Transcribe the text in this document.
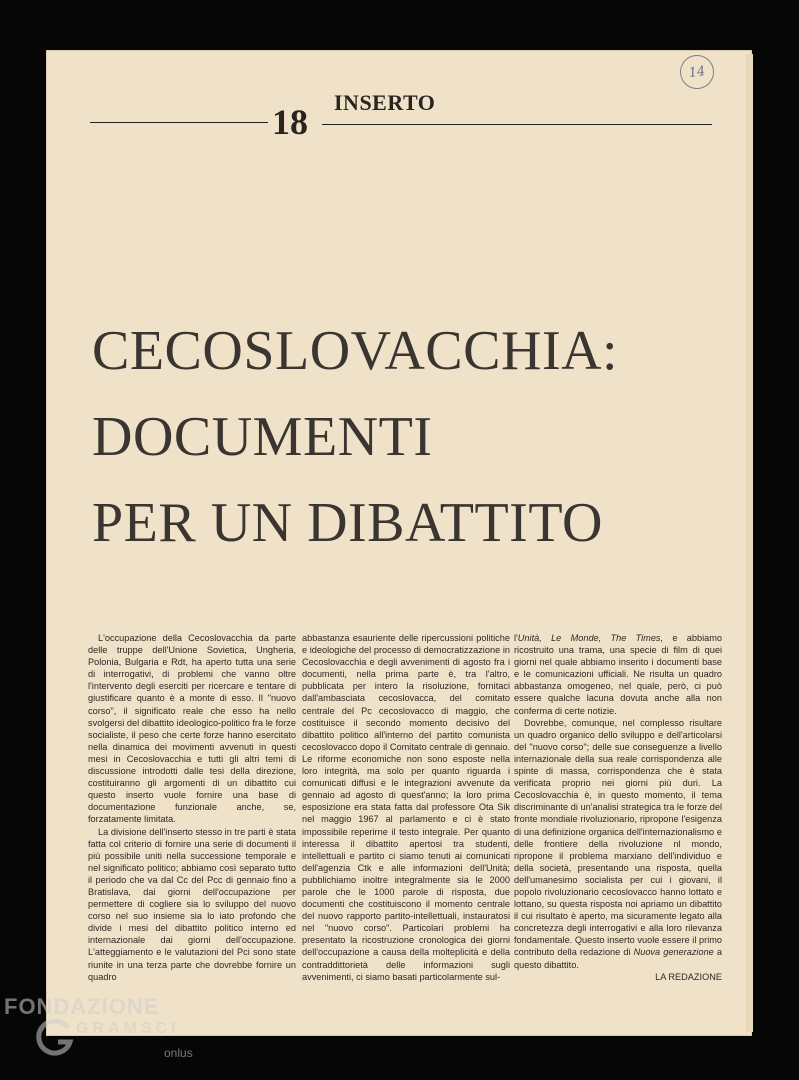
14
18 INSERTO
CECOSLOVACCHIA:
DOCUMENTI
PER UN DIBATTITO

L'occupazione della Cecoslovacchia da parte delle truppe dell'Unione Sovietica, Ungheria, Polonia, Bulgaria e Rdt, ha aperto tutta una serie di interrogativi, di problemi che vanno oltre l'intervento degli eserciti per ricercare e tentare di giustificare quanto è a monte di esso. Il "nuovo corso", il significato reale che esso ha nello svolgersi del dibattito ideologico-politico fra le forze socialiste, il peso che certe forze hanno esercitato nella dinamica dei movimenti avvenuti in questi mesi in Cecoslovacchia e tutti gli altri temi di discussione introdotti dalle tesi della direzione, costituiranno gli argomenti di un dibattito cui questo inserto vuole fornire una base di documentazione funzionale anche, se, forzatamente limitata.

La divisione dell'inserto stesso in tre parti è stata fatta col criterio di fornire una serie di documenti il più possibile uniti nella successione temporale e nel significato politico; abbiamo così separato tutto il periodo che va dal Cc del Pcc di gennaio fino a Bratislava, dai giorni dell'occupazione per permettere di cogliere sia lo sviluppo del nuovo corso nel suo insieme sia lo iato profondo che divide i mesi del dibattito politico interno ed internazionale dai giorni dell'occupazione. L'atteggiamento e le valutazioni del Pci sono state riunite in una terza parte che dovrebbe fornire un quadro

abbastanza esauriente delle ripercussioni politiche e ideologiche del processo di democratizzazione in Cecoslovacchia e degli avvenimenti di agosto fra i documenti, nella prima parte è, tra l'altro, pubblicata per intero la risoluzione, fornitaci dall'ambasciata cecoslovacca, del comitato centrale del Pc cecoslovacco di maggio, che costituisce il secondo momento decisivo del dibattito politico all'interno del partito comunista cecoslovacco dopo il Comitato centrale di gennaio. Le riforme economiche non sono esposte nella loro integrità, ma solo per quanto riguarda i comunicati diffusi e le integrazioni avvenute da gennaio ad agosto di quest'anno; la loro prima esposizione era stata fatta dal professore Ota Sik nel maggio 1967 al parlamento e ci è stato impossibile reperirne il testo integrale. Per quanto interessa il dibattito apertosi tra studenti, intellettuali e partito ci siamo tenuti ai comunicati dell'agenzia Ctk e alle informazioni dell'Unità; pubblichiamo inoltre integralmente sia le 2000 parole che le 1000 parole di risposta, due documenti che costituiscono il momento centrale del nuovo rapporto partito-intellettuali, instauratosi nel "nuovo corso". Particolari problemi ha presentato la ricostruzione cronologica dei giorni dell'occupazione a causa della molteplicità e della contraddittorietà delle informazioni sugli avvenimenti, ci siamo basati particolarmente sul-

l'Unità, Le Monde, The Times, e abbiamo ricostruito una trama, una specie di film di quei giorni nel quale abbiamo inserito i documenti base e le comunicazioni ufficiali. Ne risulta un quadro abbastanza omogeneo, nel quale, però, ci può essere qualche lacuna dovuta anche alla non conferma di certe notizie.

Dovrebbe, comunque, nel complesso risultare un quadro organico dello sviluppo e dell'articolarsi del "nuovo corso"; delle sue conseguenze a livello internazionale della sua reale corrispondenza alle spinte di massa, corrispondenza che è stata verificata proprio nei giorni più duri. La Cecoslovacchia è, in questo momento, il tema discriminante di un'analisi strategica tra le forze del fronte mondiale rivoluzionario, ripropone l'esigenza di una definizione organica dell'internazionalismo e delle frontiere della rivoluzione nl mondo, ripropone il problema marxiano dell'individuo e della società, presentando una risposta, quella dell'umanesimo socialista per cui i giovani, il popolo rivoluzionario cecoslovacco hanno lottato e lottano, su questa risposta noi apriamo un dibattito il cui risultato è aperto, ma sicuramente legato alla concretezza degli interrogativi e alla loro rilevanza fondamentale. Questo inserto vuole essere il primo contributo della redazione di Nuova generazione a questo dibattito.

LA REDAZIONE

FONDAZIONE
GRAMSCI
onlus
